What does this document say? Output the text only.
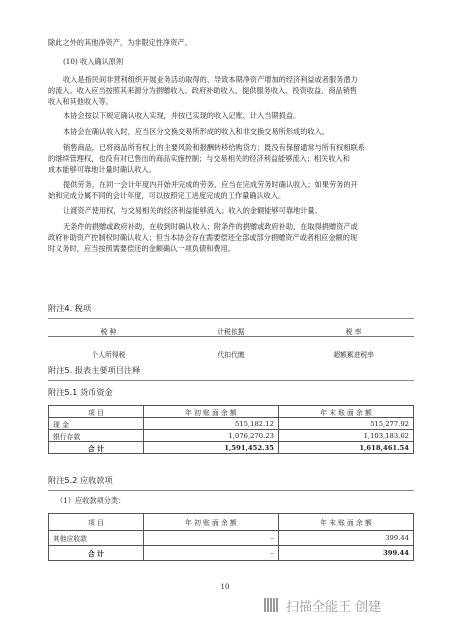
除此之外的其他净资产，为非限定性净资产。
(10) 收入确认原则
收入是指民间非营利组织开展业务活动取得的、导致本期净资产增加的经济利益或者服务潜力
的流入。收入应当按照其来源分为捐赠收入、政府补助收入、提供服务收入、投资收益、商品销售
收入和其他收入等。
本协会按以下规定确认收入实现，并按已实现的收入记账，计入当期损益。
本协会在确认收入时，应当区分交换交易所形成的收入和非交换交易所形成的收入。
销售商品，已将商品所有权上的主要风险和报酬转移给购货方；既没有保留通常与所有权相联系
的继续管理权，也没有对已售出的商品实施控制；与交易相关的经济利益能够流入；相关收入和
成本能够可靠地计量时确认收入。
提供劳务，在同一会计年度内开始并完成的劳务，应当在完成劳务时确认收入；如果劳务的开
始和完成分属不同的会计年度，可以按照完工进度完成的工作量确认收入。
让渡资产使用权，与交易相关的经济利益能够流入；收入的金额能够可靠地计量。
无条件的捐赠或政府补助，在收到时确认收入；附条件的捐赠或政府补助，在取得捐赠资产或
政府补助资产控制权时确认收入；但当本协会存在需要偿还全部或部分捐赠资产或者相应金额的现
时义务时，应当按照需要偿还的金额确认一项负债和费用。
附注4. 税项
税 种	计税依据	税 率

个人所得税	代扣代缴	超额累进税率
附注5. 报表主要项目注释
附注5.1 货币资金
项 目	年 初 账 面 余 额	年 末 账 面 余 额
现 金	515,182.12	515,277.92
银行存款	1,076,270.23	1,103,183.62
合 计	1,591,452.35	1,618,461.54
附注5.2 应收款项
（1）应收款项分类：
项 目	年 初 账 面 余 额	年 末 账 面 余 额
其他应收款	–	399.44
合 计	–	399.44
10
扫描全能王 创建
